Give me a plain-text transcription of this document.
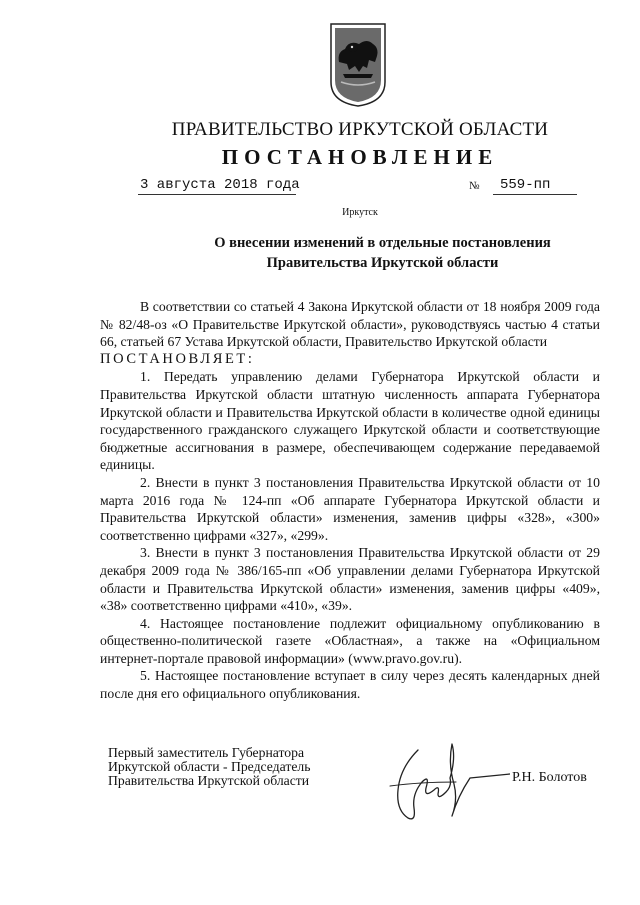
ПРАВИТЕЛЬСТВО ИРКУТСКОЙ ОБЛАСТИ
ПОСТАНОВЛЕНИЕ
3 августа 2018 года	№ 559-пп
Иркутск
О внесении изменений в отдельные постановления Правительства Иркутской области

В соответствии со статьей 4 Закона Иркутской области от 18 ноября 2009 года № 82/48-оз «О Правительстве Иркутской области», руководствуясь частью 4 статьи 66, статьей 67 Устава Иркутской области, Правительство Иркутской области

ПОСТАНОВЛЯЕТ:

1. Передать управлению делами Губернатора Иркутской области и Правительства Иркутской области штатную численность аппарата Губернатора Иркутской области и Правительства Иркутской области в количестве одной единицы государственного гражданского служащего Иркутской области и соответствующие бюджетные ассигнования в размере, обеспечивающем содержание передаваемой единицы.

2. Внести в пункт 3 постановления Правительства Иркутской области от 10 марта 2016 года № 124-пп «Об аппарате Губернатора Иркутской области и Правительства Иркутской области» изменения, заменив цифры «328», «300» соответственно цифрами «327», «299».

3. Внести в пункт 3 постановления Правительства Иркутской области от 29 декабря 2009 года № 386/165-пп «Об управлении делами Губернатора Иркутской области и Правительства Иркутской области» изменения, заменив цифры «409», «38» соответственно цифрами «410», «39».

4. Настоящее постановление подлежит официальному опубликованию в общественно-политической газете «Областная», а также на «Официальном интернет-портале правовой информации» (www.pravo.gov.ru).

5. Настоящее постановление вступает в силу через десять календарных дней после дня его официального опубликования.

Первый заместитель Губернатора
Иркутской области - Председатель
Правительства Иркутской области	Р.Н. Болотов
